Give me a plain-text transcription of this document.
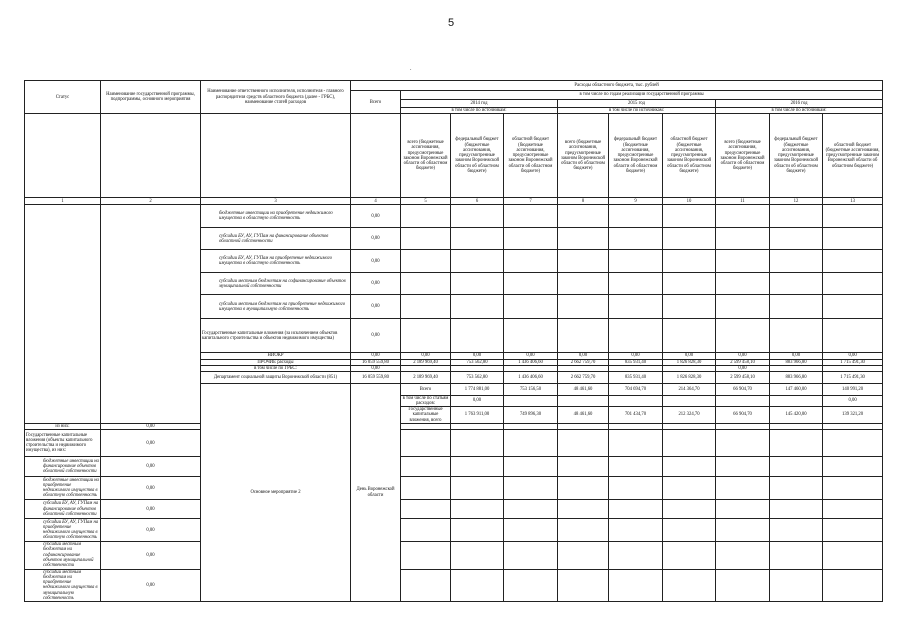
5
.
Статус	Наименование государственной программы, подпрограммы, основного мероприятия	Наименование ответственного исполнителя, исполнителя - главного распорядителя средств областного бюджета (далее - ГРБС), наименование статей расходов	Расходы областного бюджета, тыс. рублей										
			Всего	в том числе по годам реализации государственной программы									
				2014 год			2015 год			2016 год			
				в том числе по источникам:			в том числе по источникам:			в том числе по источникам:			
				всего (бюджетные ассигнования, предусмотренные законом Воронежской области об областном бюджете)	федеральный бюджет (бюджетные ассигнования, предусмотренные законом Воронежской области об областном бюджете)	областной бюджет (бюджетные ассигнования, предусмотренные законом Воронежской области об областном бюджете)	всего (бюджетные ассигнования, предусмотренные законом Воронежской области об областном бюджете)	федеральный бюджет (бюджетные ассигнования, предусмотренные законом Воронежской области об областном бюджете)	областной бюджет (бюджетные ассигнования, предусмотренные законом Воронежской области об областном бюджете)	всего (бюджетные ассигнования, предусмотренные законом Воронежской области об областном бюджете)	федеральный бюджет (бюджетные ассигнования, предусмотренные законом Воронежской области об областном бюджете)	областной бюджет (бюджетные ассигнования, предусмотренные законом Воронежской области об областном бюджете)	
1	2	3	4	5	6	7	8	9	10	11	12	13	
		бюджетные инвестиции на приобретение недвижимого имущества в областную собственность	0,00										
		субсидии БУ, АУ, ГУПам на финансирование объектов областной собственности	0,00										
		субсидии БУ, АУ, ГУПам на приобретение недвижимого имущества в областную собственность	0,00										
		субсидии местным бюджетам на софинансирование объектов муниципальной собственности	0,00										
		субсидии местным бюджетам на приобретение недвижимого имущества в муниципальную собственность	0,00										
		Государственные капитальные вложения (за исключением объектов капитального строительства и объектов недвижимого имущества)	0,00										
		НИОКР	0,00	0,00	0,00	0,00	0,00	0,00	0,00	0,00	0,00	0,00	
		ПРОЧИЕ расходы	16 059 559,80	2 189 969,40	753 562,80	1 436 406,60	2 662 759,70	835 931,40	1 826 828,30	2 599 458,10	883 966,80	1 715 491,30	
		в том числе по ГРБС:	0,00							0,00			
		Департамент социальной защиты Воронежской области (851)	16 059 559,80	2 189 969,40	753 562,80	1 436 406,60	2 662 759,70	835 931,40	1 826 828,30	2 599 458,10	883 966,80	1 715 491,30	
		Основное мероприятие 2	День Воронежской области	Всего	1 774 881,00	753 156,50	48 461,60	704 694,70	214 364,70	66 904,70	147 460,00	140 991,20		
				в том числе по статьям расходов:	0,00							0,00		
				Государственные капитальные вложения, всего	1 763 911,00	749 896,30	48 461,60	701 434,70	212 324,70	66 904,70	145 420,00	139 321,20		
из них:	0,00												
Государственные капитальные вложения (объекты капитального строительства и недвижимого имущества), из них:	0,00												
бюджетные инвестиции на финансирование объектов областной собственности	0,00												
бюджетные инвестиции на приобретение недвижимого имущества в областную собственность	0,00												
субсидии БУ, АУ, ГУПам на финансирование объектов областной собственности	0,00												
субсидии БУ, АУ, ГУПам на приобретение недвижимого имущества в областную собственность	0,00												
субсидии местным бюджетам на софинансирование объектов муниципальной собственности	0,00												
субсидии местным бюджетам на приобретение недвижимого имущества в муниципальную собственность	0,00												
